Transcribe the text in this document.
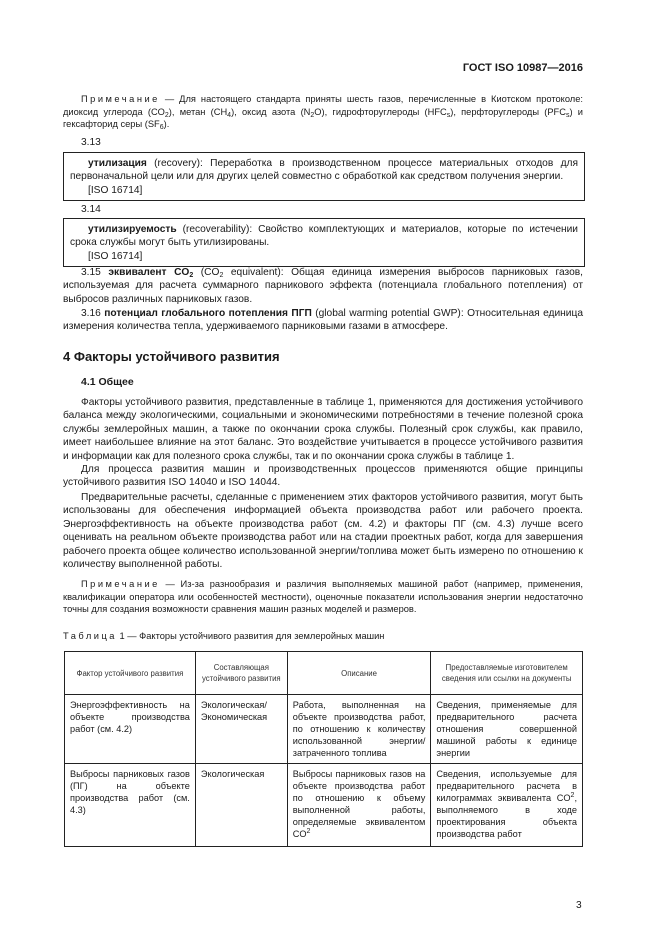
ГОСТ ISO 10987—2016
Примечание — Для настоящего стандарта приняты шесть газов, перечисленные в Киотском протоколе: диоксид углерода $(CO_2)$, метан $(CH_4)$, оксид азота $(N_2O)$, гидрофторуглероды $(HFC_s)$, перфторуглероды $(PFC_s)$ и гексафторид серы $(SF_6)$.
3.13
утилизация (recovery): Переработка в производственном процессе материальных отходов для первоначальной цели или для других целей совместно с обработкой как средством получения энергии.
[ISO 16714]
3.14
утилизируемость (recoverability): Свойство комплектующих и материалов, которые по истечении срока службы могут быть утилизированы.
[ISO 16714]
3.15 эквивалент $CO_2$ ($CO_2$ equivalent): Общая единица измерения выбросов парниковых газов, используемая для расчета суммарного парникового эффекта (потенциала глобального потепления) от выбросов различных парниковых газов.
3.16 потенциал глобального потепления ПГП (global warming potential GWP): Относительная единица измерения количества тепла, удерживаемого парниковыми газами в атмосфере.
4 Факторы устойчивого развития
4.1 Общее
Факторы устойчивого развития, представленные в таблице 1, применяются для достижения устойчивого баланса между экологическими, социальными и экономическими потребностями в течение полезной срока службы землеройных машин, а также по окончании срока службы. Полезный срок службы, как правило, имеет наибольшее влияние на этот баланс. Это воздействие учитывается в процессе устойчивого развития и информации как для полезного срока службы, так и по окончании срока службы в таблице 1.
Для процесса развития машин и производственных процессов применяются общие принципы устойчивого развития ISO 14040 и ISO 14044.
Предварительные расчеты, сделанные с применением этих факторов устойчивого развития, могут быть использованы для обеспечения информацией объекта производства работ или рабочего проекта. Энергоэффективность на объекте производства работ (см. 4.2) и факторы ПГ (см. 4.3) лучше всего оценивать на реальном объекте производства работ или на стадии проектных работ, когда для завершения рабочего проекта общее количество использованной энергии/топлива может быть измерено по отношению к количеству выполненной работы.
Примечание — Из-за разнообразия и различия выполняемых машиной работ (например, применения, квалификации оператора или особенностей местности), оценочные показатели использования энергии недостаточно точны для создания возможности сравнения машин разных моделей и размеров.
Таблица 1 — Факторы устойчивого развития для землеройных машин
Фактор устойчивого развития	Составляющая устойчивого развития	Описание	Предоставляемые изготовителем сведения или ссылки на документы
Энергоэффективность на объекте производства работ (см. 4.2)	Экологическая/ Экономическая	Работа, выполненная на объекте производства работ, по отношению к количеству использованной энергии/затраченного топлива	Сведения, применяемые для предварительного расчета отношения совершенной машиной работы к единице энергии
Выбросы парниковых газов (ПГ) на объекте производства работ (см. 4.3)	Экологическая	Выбросы парниковых газов на объекте производства работ по отношению к объему выполненной работы, определяемые эквивалентом $CO^2$	Сведения, используемые для предварительного расчета в килограммах эквивалента $CO^2$, выполняемого в ходе проектирования объекта производства работ
3
